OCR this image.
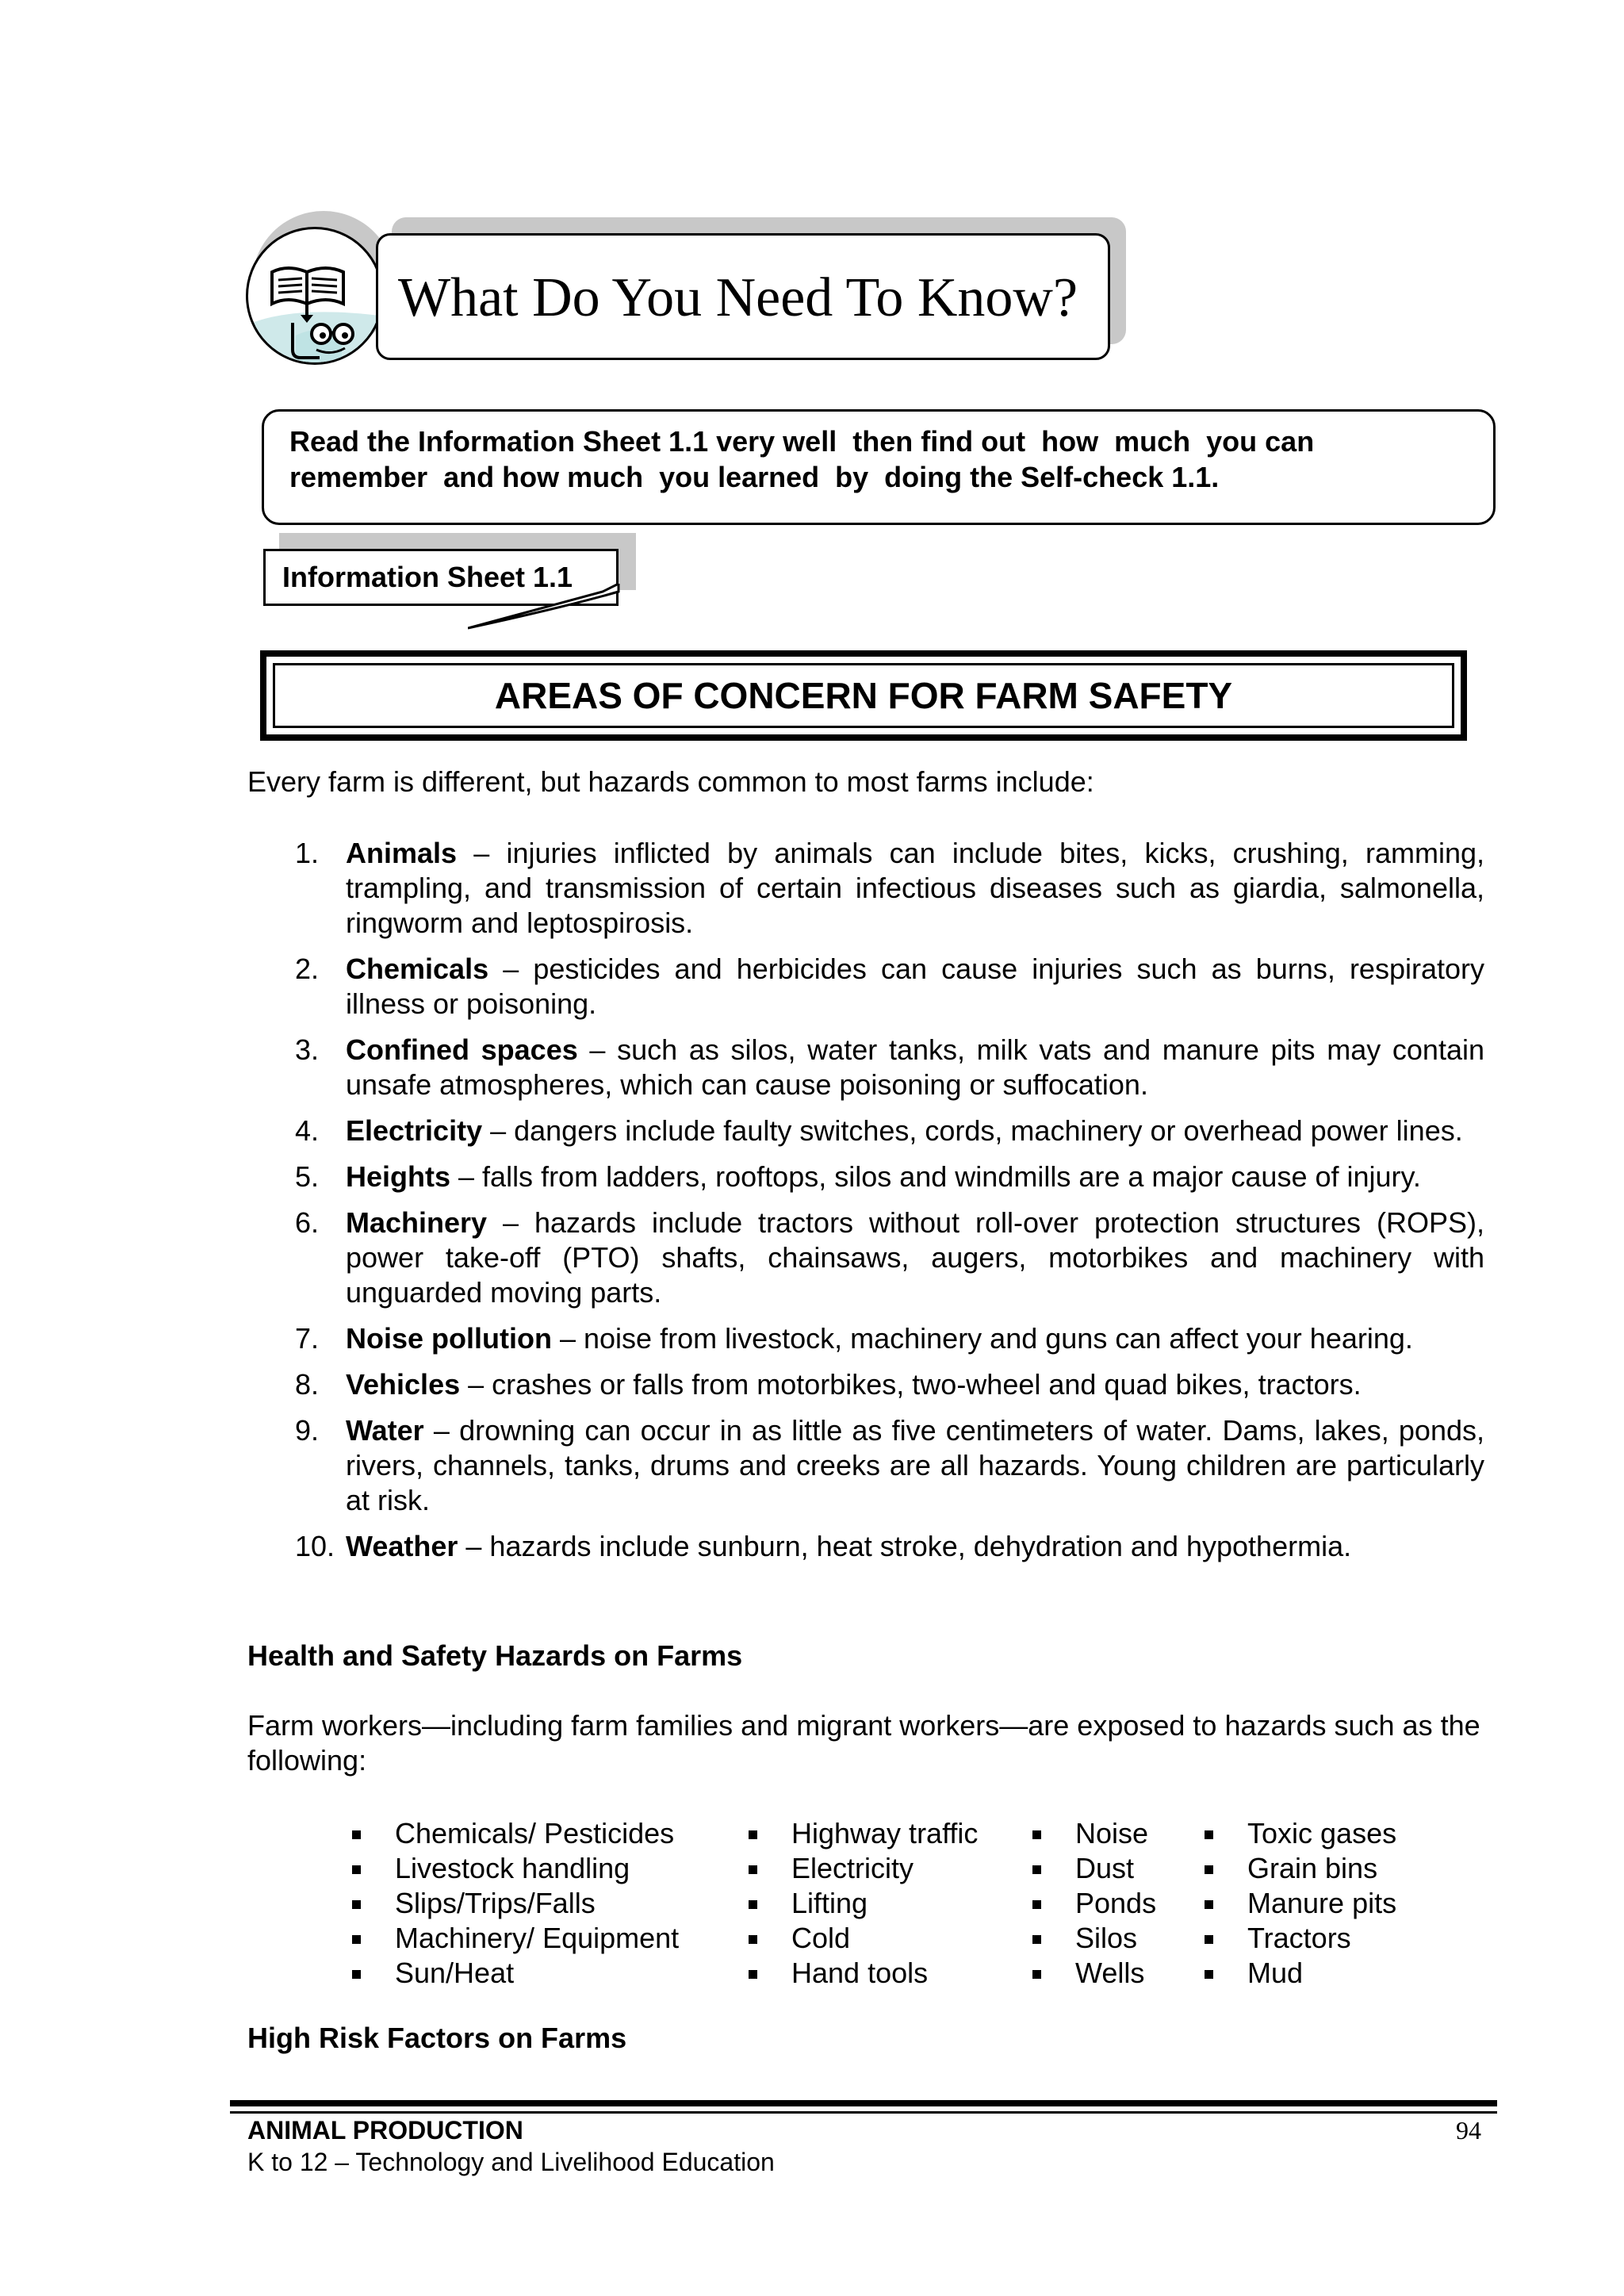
What Do You Need To Know?
Read the Information Sheet 1.1 very well  then find out  how  much  you can
remember  and how much  you learned  by  doing the Self-check 1.1.
Information Sheet 1.1
AREAS OF CONCERN FOR FARM SAFETY
Every farm is different, but hazards common to most farms include:
1. Animals – injuries inflicted by animals can include bites, kicks, crushing, ramming, trampling, and transmission of certain infectious diseases such as giardia, salmonella, ringworm and leptospirosis.
2. Chemicals – pesticides and herbicides can cause injuries such as burns, respiratory illness or poisoning.
3. Confined spaces – such as silos, water tanks, milk vats and manure pits may contain unsafe atmospheres, which can cause poisoning or suffocation.
4. Electricity – dangers include faulty switches, cords, machinery or overhead power lines.
5. Heights – falls from ladders, rooftops, silos and windmills are a major cause of injury.
6. Machinery – hazards include tractors without roll-over protection structures (ROPS), power take-off (PTO) shafts, chainsaws, augers, motorbikes and machinery with unguarded moving parts.
7. Noise pollution – noise from livestock, machinery and guns can affect your hearing.
8. Vehicles – crashes or falls from motorbikes, two-wheel and quad bikes, tractors.
9. Water – drowning can occur in as little as five centimeters of water. Dams, lakes, ponds, rivers, channels, tanks, drums and creeks are all hazards. Young children are particularly at risk.
10. Weather – hazards include sunburn, heat stroke, dehydration and hypothermia.
Health and Safety Hazards on Farms
Farm workers—including farm families and migrant workers—are exposed to hazards such as the following:
Chemicals/ Pesticides
Livestock handling
Slips/Trips/Falls
Machinery/ Equipment
Sun/Heat
Highway traffic
Electricity
Lifting
Cold
Hand tools
Noise
Dust
Ponds
Silos
Wells
Toxic gases
Grain bins
Manure pits
Tractors
Mud
High Risk Factors on Farms
ANIMAL PRODUCTION
K to 12 – Technology and Livelihood Education
94
